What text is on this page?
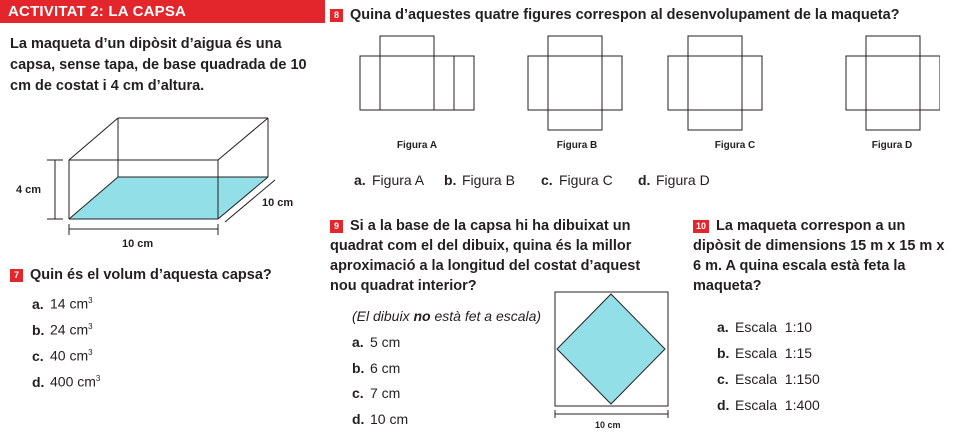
ACTIVITAT 2: LA CAPSA
La maqueta d’un dipòsit d’aigua és una capsa, sense tapa, de base quadrada de 10 cm de costat i 4 cm d’altura.
4 cm
10 cm
10 cm
7 Quin és el volum d’aquesta capsa?
a. 14 $cm^3$
b. 24 $cm^3$
c. 40 $cm^3$
d. 400 $cm^3$
8 Quina d’aquestes quatre figures correspon al desenvolupament de la maqueta?
Figura A	Figura B	Figura C	Figura D
a. Figura A b. Figura B c. Figura C d. Figura D
9 Si a la base de la capsa hi ha dibuixat un quadrat com el del dibuix, quina és la millor aproximació a la longitud del costat d’aquest nou quadrat interior?
(El dibuix no està fet a escala)
a. 5 cm
b. 6 cm
c. 7 cm
d. 10 cm	10 cm
10 La maqueta correspon a un dipòsit de dimensions 15 m x 15 m x 6 m. A quina escala està feta la maqueta?
a. Escala  1:10
b. Escala  1:15
c. Escala  1:150
d. Escala  1:400
